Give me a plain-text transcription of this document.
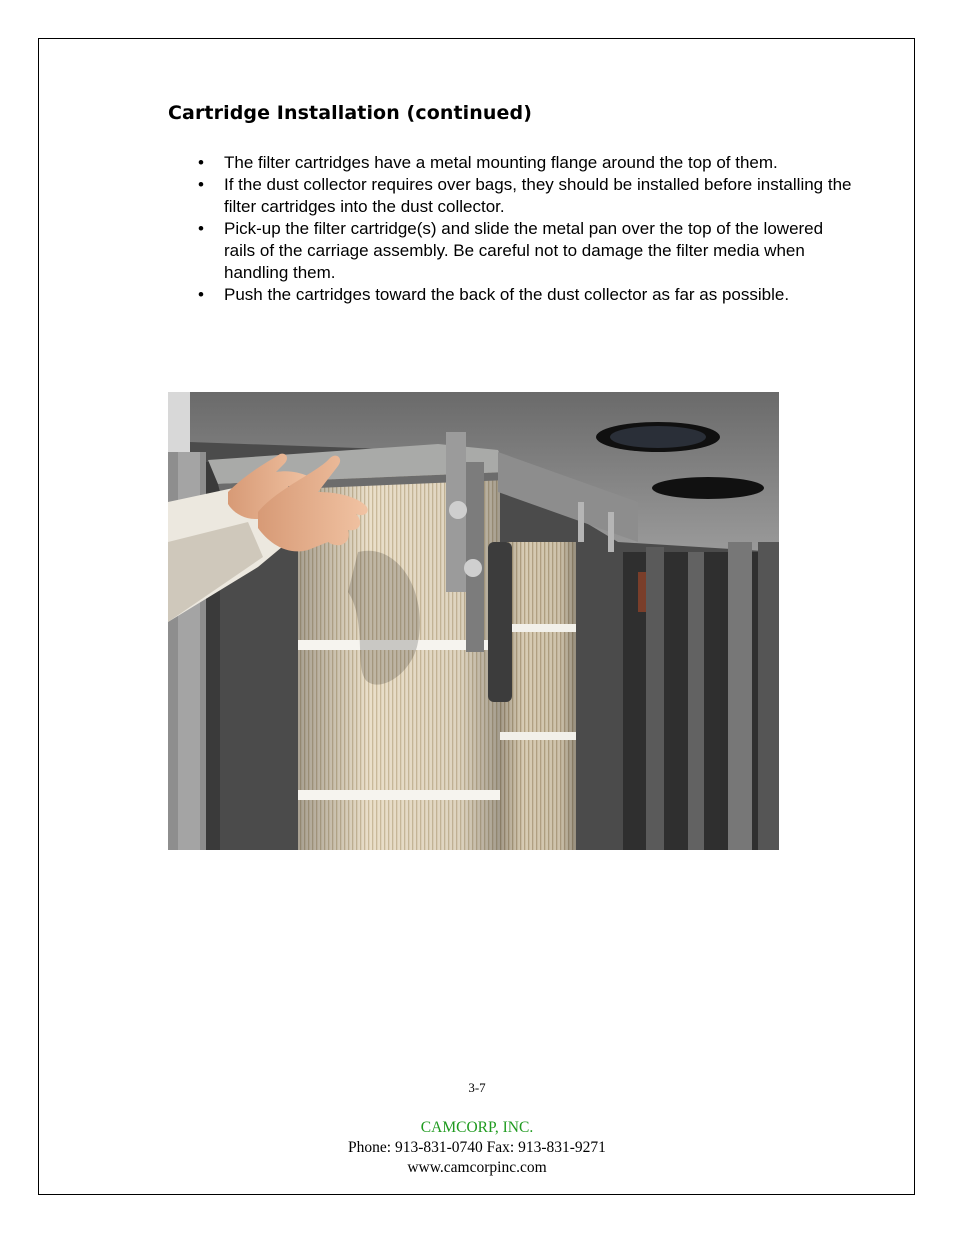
Cartridge Installation (continued)
• The filter cartridges have a metal mounting flange around the top of them.
• If the dust collector requires over bags, they should be installed before installing the filter cartridges into the dust collector.
• Pick-up the filter cartridge(s) and slide the metal pan over the top of the lowered rails of the carriage assembly. Be careful not to damage the filter media when handling them.
• Push the cartridges toward the back of the dust collector as far as possible.
3-7
CAMCORP, INC.
Phone: 913-831-0740 Fax: 913-831-9271
www.camcorpinc.com
